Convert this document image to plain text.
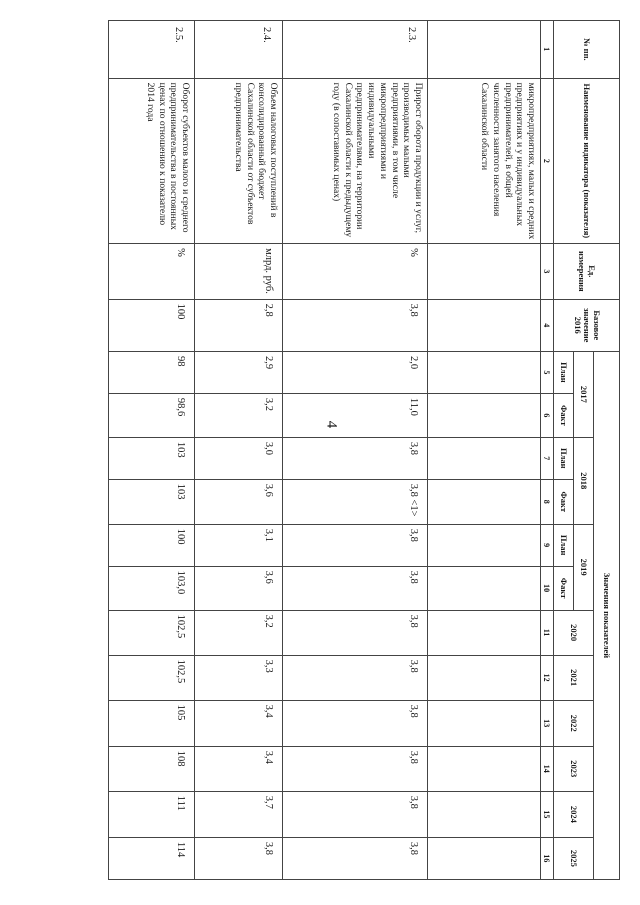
4
№ пп.	Наименование индикатора (показателя)	Ед. измерения	Базовое значение 2016	Значения показателей											
				2017		2018		2019		2020	2021	2022	2023	2024	2025
				План	Факт	План	Факт	План	Факт						
1	2	3	4	5	6	7	8	9	10	11	12	13	14	15	16
	микропредприятиях, малых и средних предприятиях и у индивидуальных предпринимателей, в общей численности занятого населения Сахалинской области														
2.3.	Прирост оборота продукции и услуг, производимых малыми предприятиями, в том числе микропредприятиями и индивидуальными предпринимателями, на территории Сахалинской области к предыдущему году (в сопоставимых ценах)	%	3,8	2,0	11,0	3,8	3,8 <1>	3,8	3,8	3,8	3,8	3,8	3,8	3,8	3,8
2.4.	Объем налоговых поступлений в консолидированный бюджет Сахалинской области от субъектов предпринимательства	млрд. руб.	2,8	2,9	3,2	3,0	3,6	3,1	3,6	3,2	3,3	3,4	3,4	3,7	3,8
2.5.	Оборот субъектов малого и среднего предпринимательства в постоянных ценах по отношению к показателю 2014 года	%	100	98	98,6	103	103	100	103,0	102,5	102,5	105	108	111	114
